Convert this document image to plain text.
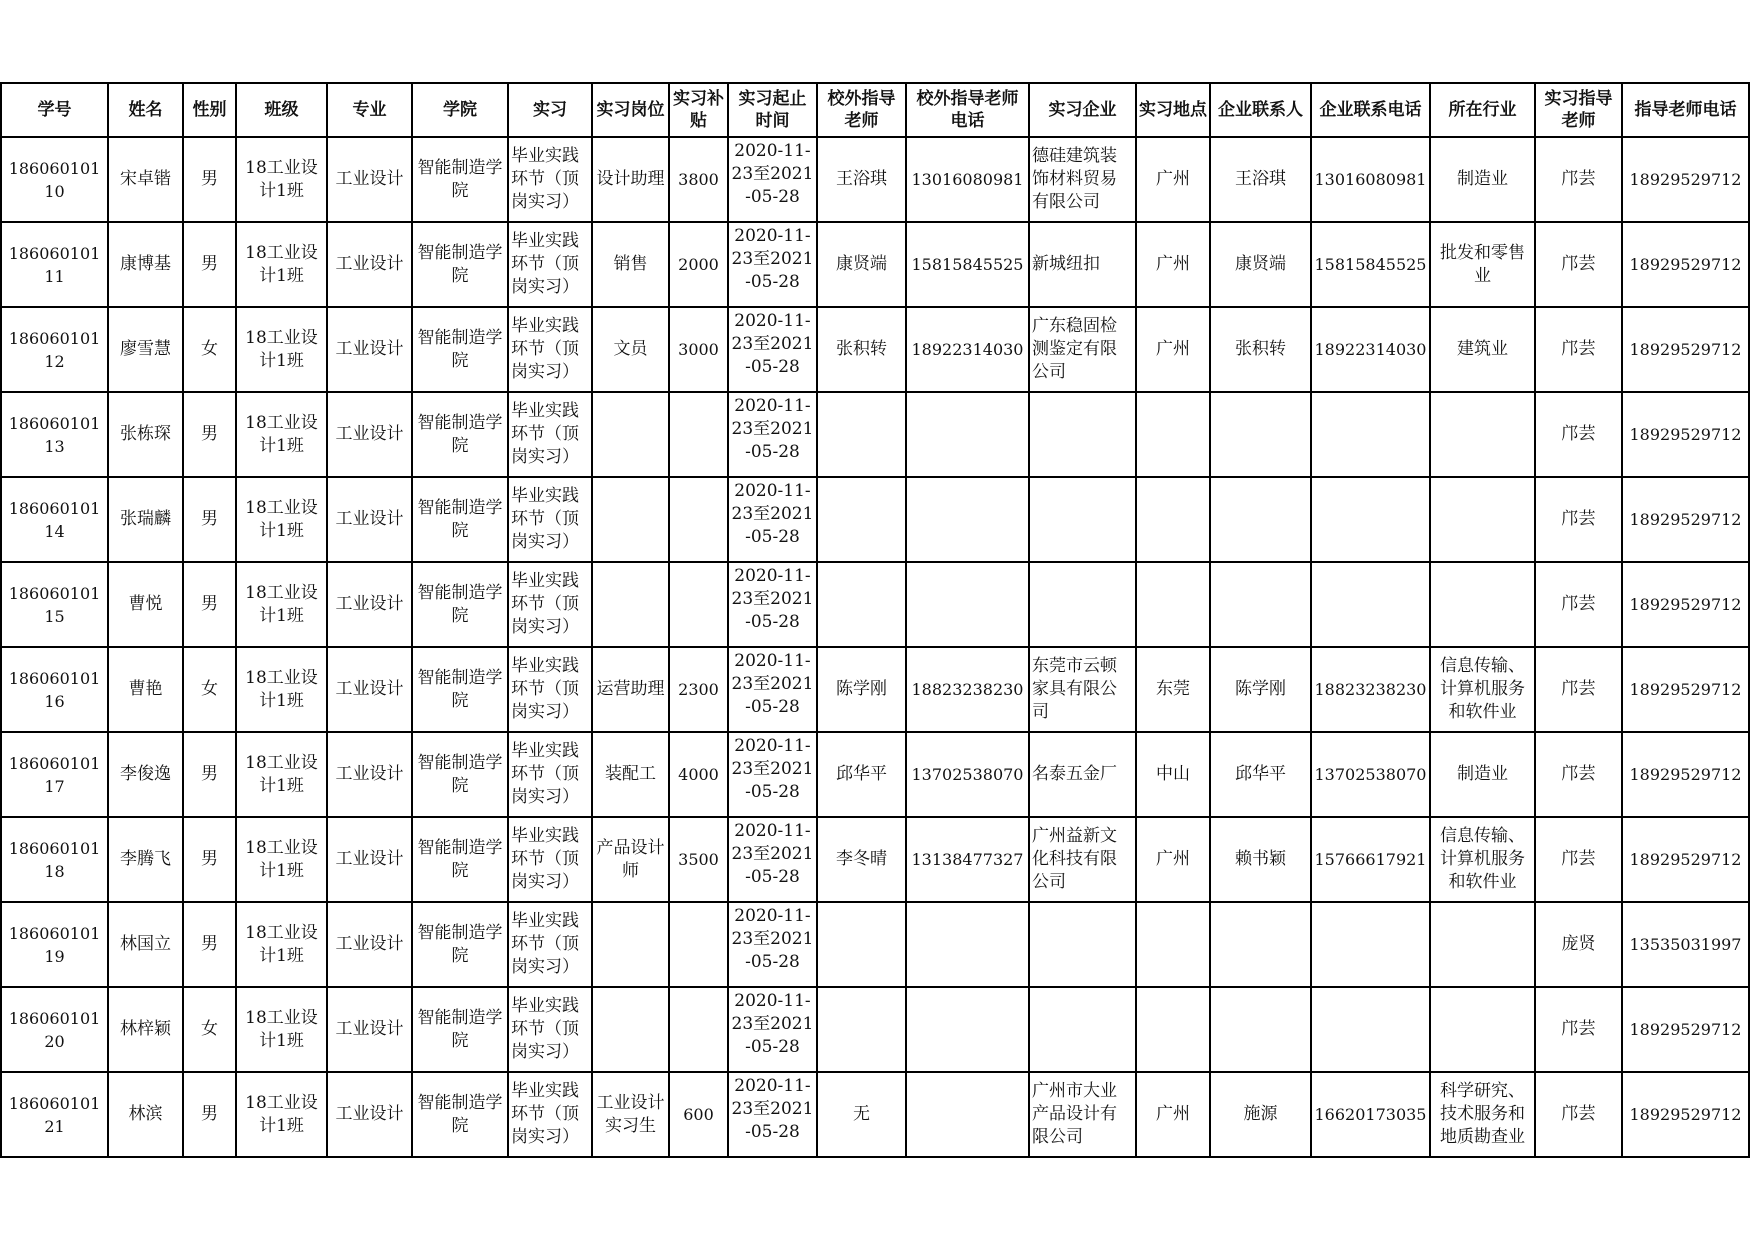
学号	姓名	性别	班级	专业	学院	实习	实习岗位	实习补贴	实习起止时间	校外指导老师	校外指导老师电话	实习企业	实习地点	企业联系人	企业联系电话	所在行业	实习指导老师	指导老师电话
18606010110	宋卓锴	男	18工业设计1班	工业设计	智能制造学院	毕业实践环节（顶岗实习）	设计助理	3800	2020-11-23至2021-05-28	王浴琪	13016080981	德硅建筑装饰材料贸易有限公司	广州	王浴琪	13016080981	制造业	邝芸	18929529712
18606010111	康博基	男	18工业设计1班	工业设计	智能制造学院	毕业实践环节（顶岗实习）	销售	2000	2020-11-23至2021-05-28	康贤端	15815845525	新城纽扣	广州	康贤端	15815845525	批发和零售业	邝芸	18929529712
18606010112	廖雪慧	女	18工业设计1班	工业设计	智能制造学院	毕业实践环节（顶岗实习）	文员	3000	2020-11-23至2021-05-28	张积转	18922314030	广东稳固检测鉴定有限公司	广州	张积转	18922314030	建筑业	邝芸	18929529712
18606010113	张栋琛	男	18工业设计1班	工业设计	智能制造学院	毕业实践环节（顶岗实习）			2020-11-23至2021-05-28								邝芸	18929529712
18606010114	张瑞麟	男	18工业设计1班	工业设计	智能制造学院	毕业实践环节（顶岗实习）			2020-11-23至2021-05-28								邝芸	18929529712
18606010115	曹悦	男	18工业设计1班	工业设计	智能制造学院	毕业实践环节（顶岗实习）			2020-11-23至2021-05-28								邝芸	18929529712
18606010116	曹艳	女	18工业设计1班	工业设计	智能制造学院	毕业实践环节（顶岗实习）	运营助理	2300	2020-11-23至2021-05-28	陈学刚	18823238230	东莞市云顿家具有限公司	东莞	陈学刚	18823238230	信息传输、计算机服务和软件业	邝芸	18929529712
18606010117	李俊逸	男	18工业设计1班	工业设计	智能制造学院	毕业实践环节（顶岗实习）	装配工	4000	2020-11-23至2021-05-28	邱华平	13702538070	名泰五金厂	中山	邱华平	13702538070	制造业	邝芸	18929529712
18606010118	李腾飞	男	18工业设计1班	工业设计	智能制造学院	毕业实践环节（顶岗实习）	产品设计师	3500	2020-11-23至2021-05-28	李冬晴	13138477327	广州益新文化科技有限公司	广州	赖书颖	15766617921	信息传输、计算机服务和软件业	邝芸	18929529712
18606010119	林国立	男	18工业设计1班	工业设计	智能制造学院	毕业实践环节（顶岗实习）			2020-11-23至2021-05-28								庞贤	13535031997
18606010120	林梓颖	女	18工业设计1班	工业设计	智能制造学院	毕业实践环节（顶岗实习）			2020-11-23至2021-05-28								邝芸	18929529712
18606010121	林滨	男	18工业设计1班	工业设计	智能制造学院	毕业实践环节（顶岗实习）	工业设计实习生	600	2020-11-23至2021-05-28	无		广州市大业产品设计有限公司	广州	施源	16620173035	科学研究、技术服务和地质勘查业	邝芸	18929529712
